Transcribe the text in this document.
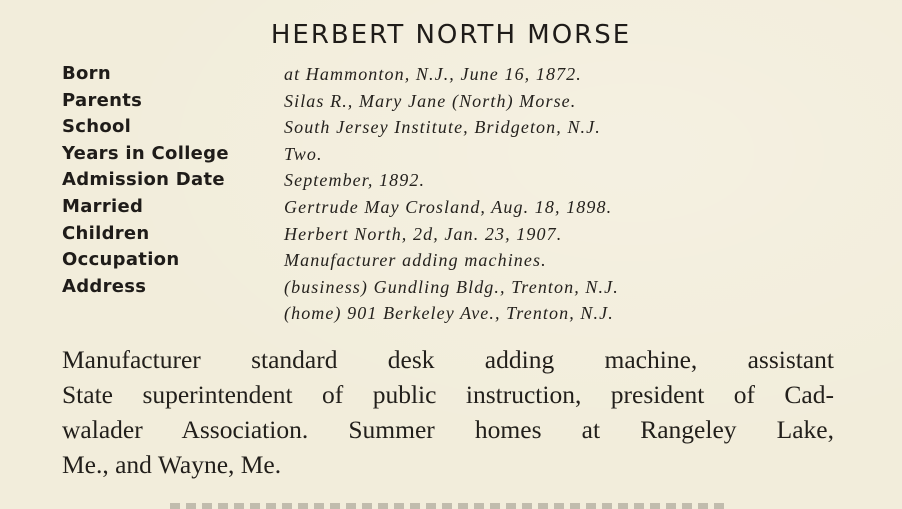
HERBERT NORTH MORSE
Born	at Hammonton, N.J., June 16, 1872.
Parents	Silas R., Mary Jane (North) Morse.
School	South Jersey Institute, Bridgeton, N.J.
Years in College	Two.
Admission Date	September, 1892.
Married	Gertrude May Crosland, Aug. 18, 1898.
Children	Herbert North, 2d, Jan. 23, 1907.
Occupation	Manufacturer adding machines.
Address	(business) Gundling Bldg., Trenton, N.J.
(home) 901 Berkeley Ave., Trenton, N.J.

Manufacturer standard desk adding machine, assistant
State superintendent of public instruction, president of Cad-
walader Association. Summer homes at Rangeley Lake,
Me., and Wayne, Me.
